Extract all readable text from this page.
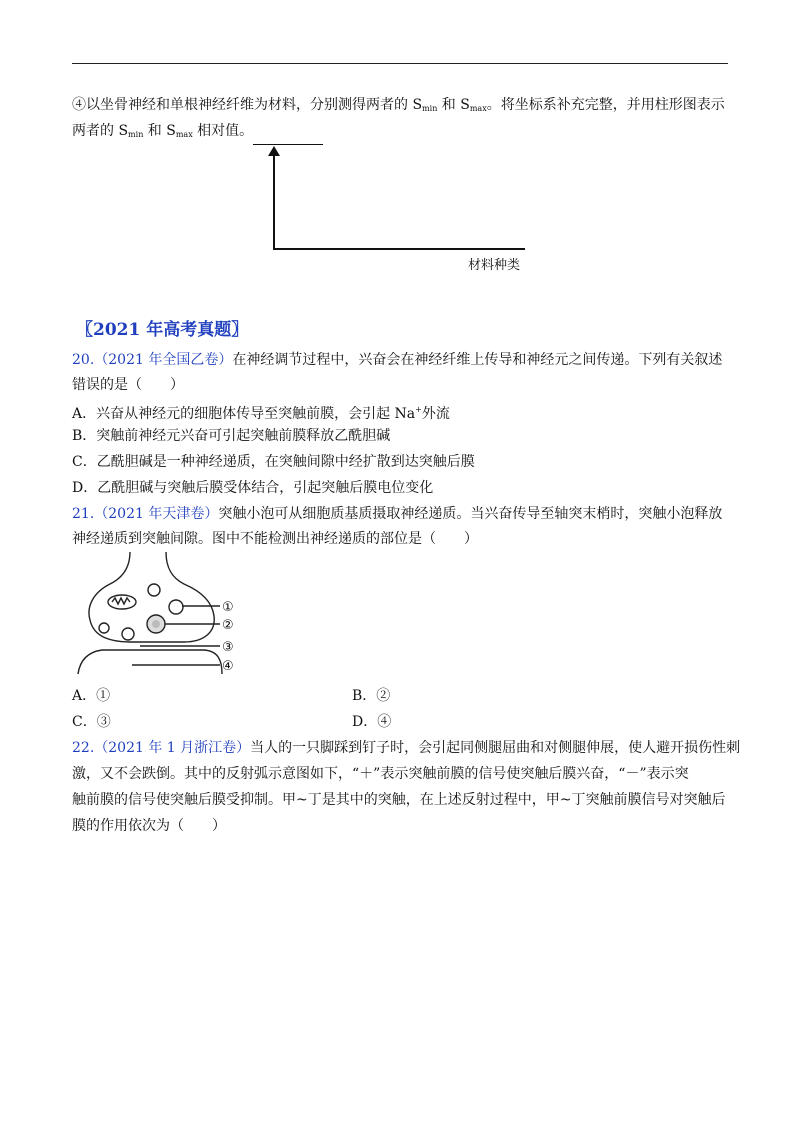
④以坐骨神经和单根神经纤维为材料，分别测得两者的 $S_{min}$ 和 $S_{max}$。将坐标系补充完整，并用柱形图表示
两者的 $S_{min}$ 和 $S_{max}$ 相对值。
材料种类
〖2021 年高考真题〗
20.（2021 年全国乙卷）在神经调节过程中，兴奋会在神经纤维上传导和神经元之间传递。下列有关叙述
错误的是（　　）
A．兴奋从神经元的细胞体传导至突触前膜，会引起 Na+外流
B．突触前神经元兴奋可引起突触前膜释放乙酰胆碱
C．乙酰胆碱是一种神经递质，在突触间隙中经扩散到达突触后膜
D．乙酰胆碱与突触后膜受体结合，引起突触后膜电位变化
21.（2021 年天津卷）突触小泡可从细胞质基质摄取神经递质。当兴奋传导至轴突末梢时，突触小泡释放
神经递质到突触间隙。图中不能检测出神经递质的部位是（　　）
①
②
③
④
A．①	B．②
C．③	D．④
22.（2021 年 1 月浙江卷）当人的一只脚踩到钉子时，会引起同侧腿屈曲和对侧腿伸展，使人避开损伤性刺
激，又不会跌倒。其中的反射弧示意图如下，“＋”表示突触前膜的信号使突触后膜兴奋，“－”表示突
触前膜的信号使突触后膜受抑制。甲~丁是其中的突触，在上述反射过程中，甲~丁突触前膜信号对突触后
膜的作用依次为（　　）
